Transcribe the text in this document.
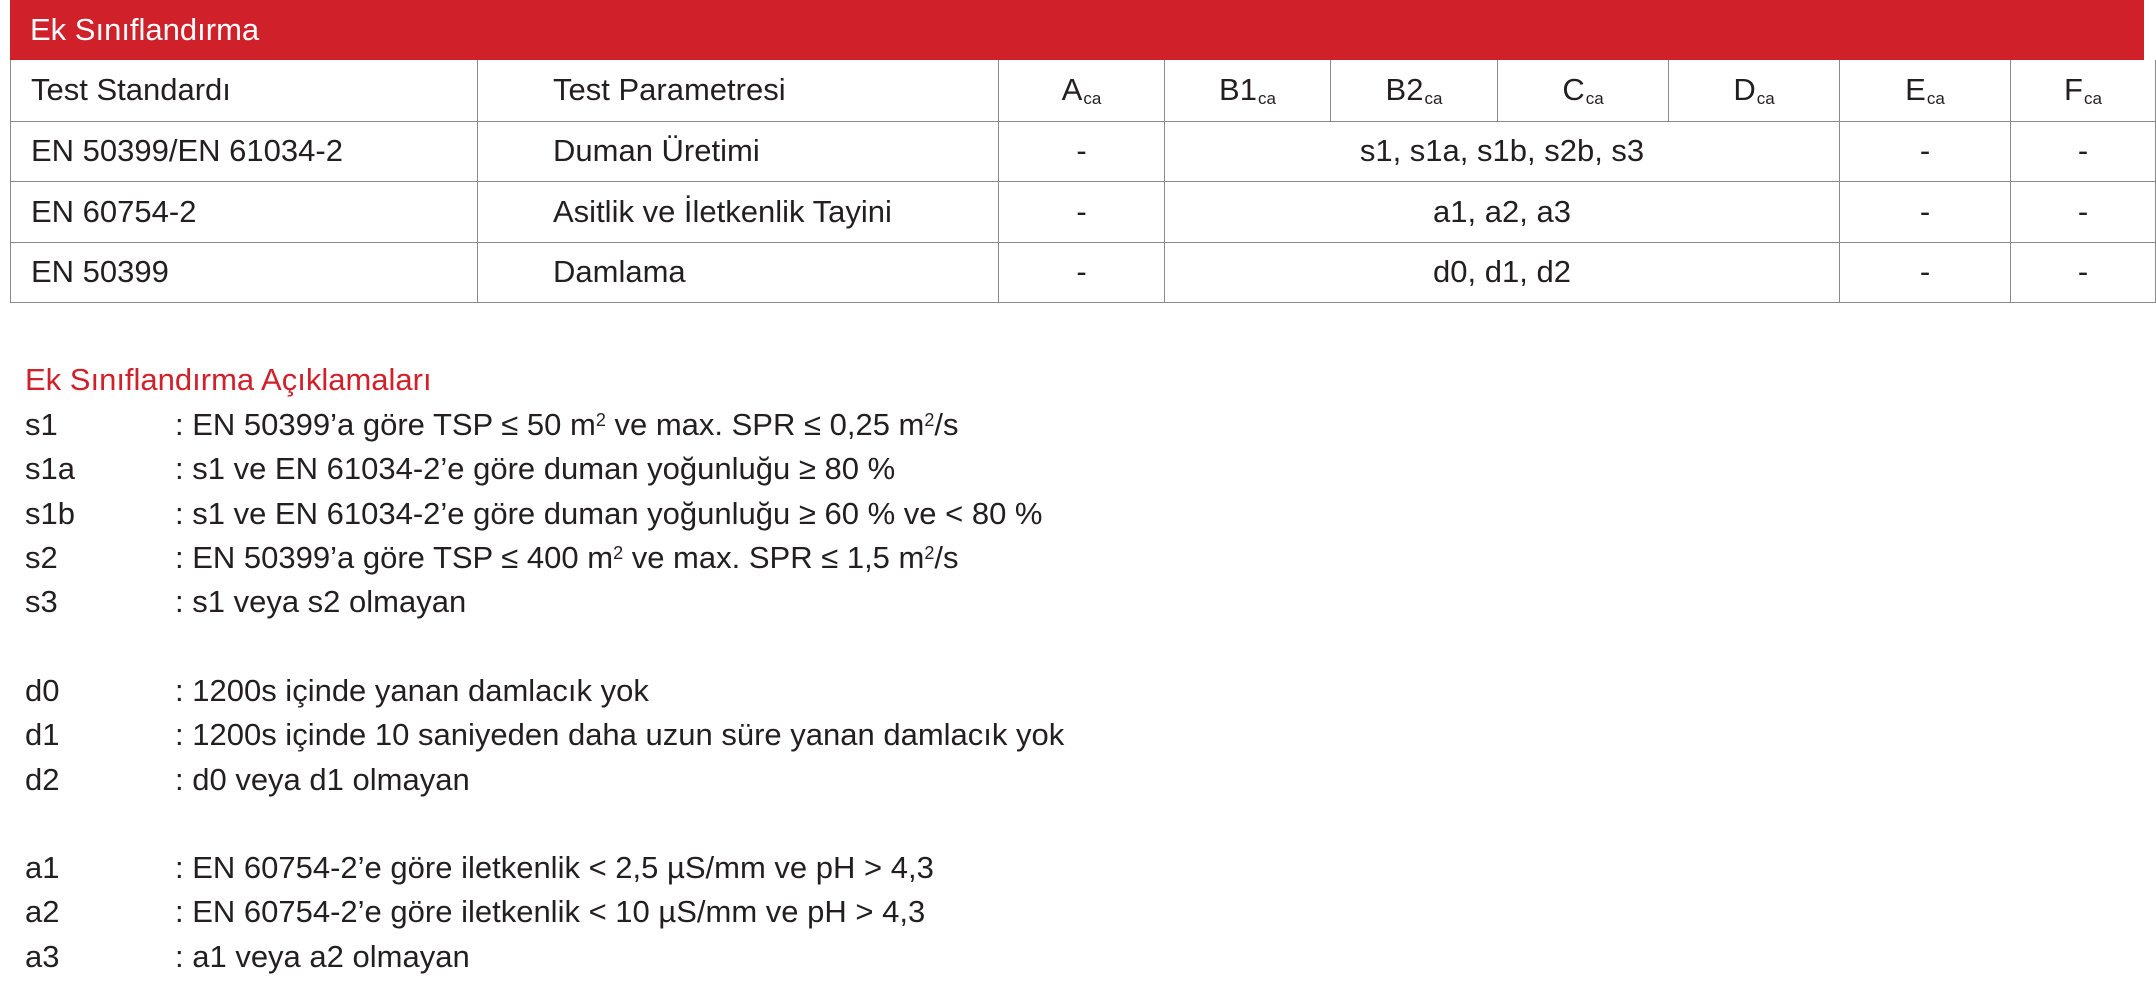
Ek Sınıflandırma
Test Standardı	Test Parametresi	$A_{ca}$	$B1_{ca}$	$B2_{ca}$	$C_{ca}$	$D_{ca}$	$E_{ca}$	$F_{ca}$
EN 50399/EN 61034-2	Duman Üretimi	-	s1, s1a, s1b, s2b, s3				-	-
EN 60754-2	Asitlik ve İletkenlik Tayini	-	a1, a2, a3				-	-
EN 50399	Damlama	-	d0, d1, d2				-	-
Ek Sınıflandırma Açıklamaları
s1	: EN 50399’a göre TSP ≤ 50 $m^2$ ve max. SPR ≤ 0,25 $m^2/s$
s1a	: s1 ve EN 61034-2’e göre duman yoğunluğu ≥ 80 %
s1b	: s1 ve EN 61034-2’e göre duman yoğunluğu ≥ 60 % ve < 80 %
s2	: EN 50399’a göre TSP ≤ 400 $m^2$ ve max. SPR ≤ 1,5 $m^2/s$
s3	: s1 veya s2 olmayan
d0	: 1200s içinde yanan damlacık yok
d1	: 1200s içinde 10 saniyeden daha uzun süre yanan damlacık yok
d2	: d0 veya d1 olmayan
a1	: EN 60754-2’e göre iletkenlik < 2,5 µS/mm ve pH > 4,3
a2	: EN 60754-2’e göre iletkenlik < 10 µS/mm ve pH > 4,3
a3	: a1 veya a2 olmayan
